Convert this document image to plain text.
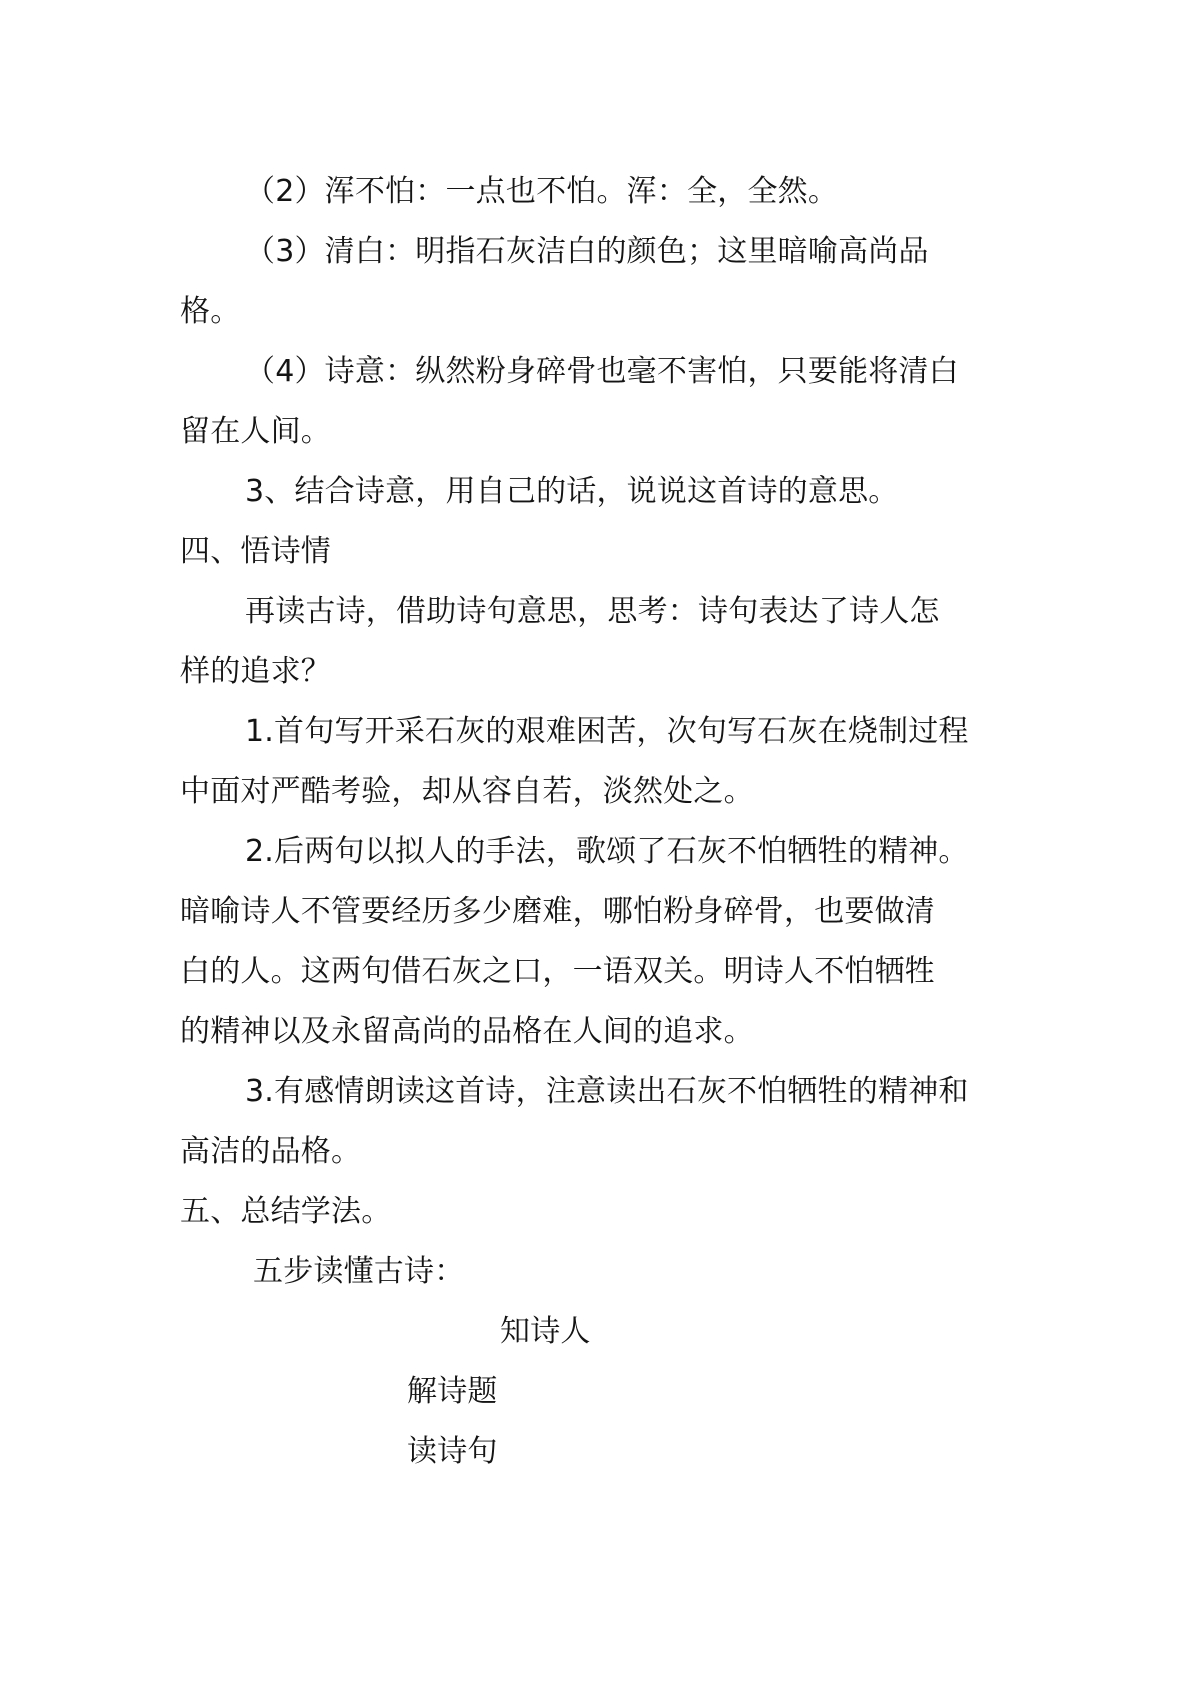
（2）浑不怕：一点也不怕。浑：全，全然。
（3）清白：明指石灰洁白的颜色；这里暗喻高尚品
格。
（4）诗意：纵然粉身碎骨也毫不害怕，只要能将清白
留在人间。
3、结合诗意，用自己的话，说说这首诗的意思。
四、悟诗情
再读古诗，借助诗句意思，思考：诗句表达了诗人怎
样的追求？
1.首句写开采石灰的艰难困苦，次句写石灰在烧制过程
中面对严酷考验，却从容自若，淡然处之。
2.后两句以拟人的手法，歌颂了石灰不怕牺牲的精神。
暗喻诗人不管要经历多少磨难，哪怕粉身碎骨，也要做清
白的人。这两句借石灰之口，一语双关。明诗人不怕牺牲
的精神以及永留高尚的品格在人间的追求。
3.有感情朗读这首诗，注意读出石灰不怕牺牲的精神和
高洁的品格。
五、总结学法。
五步读懂古诗：
知诗人
解诗题
读诗句
